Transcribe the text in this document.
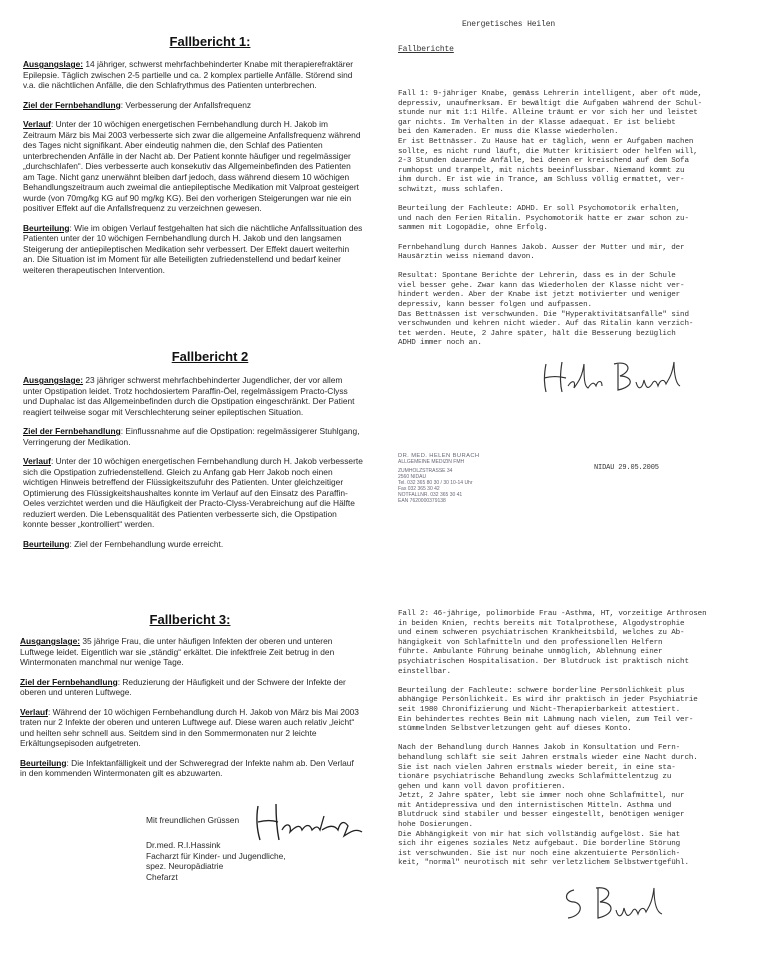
Fallbericht 1:

Ausgangslage: 14 jähriger, schwerst mehrfachbehinderter Knabe mit therapierefraktärer Epilepsie. Täglich zwischen 2-5 partielle und ca. 2 komplex partielle Anfälle. Störend sind v.a. die nächtlichen Anfälle, die den Schlafrythmus des Patienten unterbrechen.

Ziel der Fernbehandlung: Verbesserung der Anfallsfrequenz

Verlauf: Unter der 10 wöchigen energetischen Fernbehandlung durch H. Jakob im Zeitraum März bis Mai 2003 verbesserte sich zwar die allgemeine Anfallsfrequenz während des Tages nicht signifikant. Aber eindeutig nahmen die, den Schlaf des Patienten unterbrechenden Anfälle in der Nacht ab. Der Patient konnte häufiger und regelmässiger „durchschlafen“. Dies verbesserte auch konsekutiv das Allgemeinbefinden des Patienten am Tage. Nicht ganz unerwähnt bleiben darf jedoch, dass während diesem 10 wöchigen Behandlungszeitraum auch zweimal die antiepileptische Medikation mit Valproat gesteigert wurde (von 70mg/kg KG auf 90 mg/kg KG). Bei den vorherigen Steigerungen war nie ein positiver Effekt auf die Anfallsfrequenz zu verzeichnen gewesen.

Beurteilung: Wie im obigen Verlauf festgehalten hat sich die nächtliche Anfallssituation des Patienten unter der 10 wöchigen Fernbehandlung durch H. Jakob und den langsamen Steigerung der antiepileptischen Medikation sehr verbessert. Der Effekt dauert weiterhin an. Die Situation ist im Moment für alle Beteiligten zufriedenstellend und bedarf keiner weiteren therapeutischen Intervention.

Fallbericht 2

Ausgangslage: 23 jähriger schwerst mehrfachbehinderter Jugendlicher, der vor allem unter Opstipation leidet. Trotz hochdosiertem Paraffin-Öel, regelmässigem Practo-Clyss und Duphalac ist das Allgemeinbefinden durch die Opstipation eingeschränkt. Der Patient reagiert teilweise sogar mit Verschlechterung seiner epileptischen Situation.

Ziel der Fernbehandlung: Einflussnahme auf die Opstipation: regelmässigerer Stuhlgang, Verringerung der Medikation.

Verlauf: Unter der 10 wöchigen energetischen Fernbehandlung durch H. Jakob verbesserte sich die Opstipation zufriedenstellend. Gleich zu Anfang gab Herr Jakob noch einen wichtigen Hinweis betreffend der Flüssigkeitszufuhr des Patienten. Unter gleichzeitiger Optimierung des Flüssigkeitshaushaltes konnte im Verlauf auf den Einsatz des Paraffin-Oeles verzichtet werden und die Häufigkeit der Practo-Clyss-Verabreichung auf die Hälfte reduziert werden. Die Lebensqualität des Patienten verbesserte sich, die Opstipation konnte besser „kontrolliert“ werden.

Beurteilung: Ziel der Fernbehandlung wurde erreicht.

Fallbericht 3:

Ausgangslage: 35 jährige Frau, die unter häufigen Infekten der oberen und unteren Luftwege leidet. Eigentlich war sie „ständig“ erkältet. Die infektfreie Zeit betrug in den Wintermonaten manchmal nur wenige Tage.

Ziel der Fernbehandlung: Reduzierung der Häufigkeit und der Schwere der Infekte der oberen und unteren Luftwege.

Verlauf: Während der 10 wöchigen Fernbehandlung durch H. Jakob von März bis Mai 2003 traten nur 2 Infekte der oberen und unteren Luftwege auf. Diese waren auch relativ „leicht“ und heilten sehr schnell aus. Seitdem sind in den Sommermonaten nur 2 leichte Erkältungsepisoden aufgetreten.

Beurteilung: Die Infektanfälligkeit und der Schweregrad der Infekte nahm ab. Den Verlauf in den kommenden Wintermonaten gilt es abzuwarten.

Mit freundlichen Grüssen
Dr.med. R.I.Hassink
Facharzt für Kinder- und Jugendliche,
spez. Neuropädiatrie
Chefarzt
Energetisches Heilen
Fallberichte
Fall 1: 9-jähriger Knabe, gemäss Lehrerin intelligent, aber oft müde,
depressiv, unaufmerksam. Er bewältigt die Aufgaben während der Schul-
stunde nur mit 1:1 Hilfe. Alleine träumt er vor sich her und leistet
gar nichts. Im Verhalten in der Klasse adaequat. Er ist beliebt
bei den Kameraden. Er muss die Klasse wiederholen.
Er ist Bettnässer. Zu Hause hat er täglich, wenn er Aufgaben machen
sollte, es nicht rund läuft, die Mutter kritisiert oder helfen will,
2-3 Stunden dauernde Anfälle, bei denen er kreischend auf dem Sofa
rumhopst und trampelt, mit nichts beeinflussbar. Niemand kommt zu
ihm durch. Er ist wie in Trance, am Schluss völlig ermattet, ver-
schwitzt, muss schlafen.
Beurteilung der Fachleute: ADHD. Er soll Psychomotorik erhalten,
und nach den Ferien Ritalin. Psychomotorik hatte er zwar schon zu-
sammen mit Logopädie, ohne Erfolg.
Fernbehandlung durch Hannes Jakob. Ausser der Mutter und mir, der
Hausärztin weiss niemand davon.
Resultat: Spontane Berichte der Lehrerin, dass es in der Schule
viel besser gehe. Zwar kann das Wiederholen der Klasse nicht ver-
hindert werden. Aber der Knabe ist jetzt motivierter und weniger
depressiv, kann besser folgen und aufpassen.
Das Bettnässen ist verschwunden. Die "Hyperaktivitätsanfälle" sind
verschwunden und kehren nicht wieder. Auf das Ritalin kann verzich-
tet werden. Heute, 2 Jahre später, hält die Besserung bezüglich
ADHD immer noch an.
DR. MED. HELEN BURACH
ALLGEMEINE MEDIZIN FMH
ZUMHOLZSTRASSE 34
2560 NIDAU
Tel. 032 365 80 30 / 30 10-14 Uhr
Fax 032 365 30 42
NOTFALLNR. 032 365 30 41
EAN 7620000379138
NIDAU 29.05.2005
Fall 2: 46-jährige, polimorbide Frau -Asthma, HT, vorzeitige Arthrosen
in beiden Knien, rechts bereits mit Totalprothese, Algodystrophie
und einem schweren psychiatrischen Krankheitsbild, welches zu Ab-
hängigkeit von Schlafmitteln und den professionellen Helfern
führte. Ambulante Führung beinahe unmöglich, Ablehnung einer
psychiatrischen Hospitalisation. Der Blutdruck ist praktisch nicht
einstellbar.
Beurteilung der Fachleute: schwere borderline Persönlichkeit plus
abhängige Persönlichkeit. Es wird ihr praktisch in jeder Psychiatrie
seit 1980 Chronifizierung und Nicht-Therapierbarkeit attestiert.
Ein behindertes rechtes Bein mit Lähmung nach vielen, zum Teil ver-
stümmelnden Selbstverletzungen geht auf dieses Konto.
Nach der Behandlung durch Hannes Jakob in Konsultation und Fern-
behandlung schläft sie seit Jahren erstmals wieder eine Nacht durch.
Sie ist nach vielen Jahren erstmals wieder bereit, in eine sta-
tionäre psychiatrische Behandlung zwecks Schlafmittelentzug zu
gehen und kann voll davon profitieren.
Jetzt, 2 Jahre später, lebt sie immer noch ohne Schlafmittel, nur
mit Antidepressiva und den internistischen Mitteln. Asthma und
Blutdruck sind stabiler und besser eingestellt, benötigen weniger
hohe Dosierungen.
Die Abhängigkeit von mir hat sich vollständig aufgelöst. Sie hat
sich ihr eigenes soziales Netz aufgebaut. Die borderline Störung
ist verschwunden. Sie ist nur noch eine akzentuierte Persönlich-
keit, "normal" neurotisch mit sehr verletzlichem Selbstwertgefühl.
